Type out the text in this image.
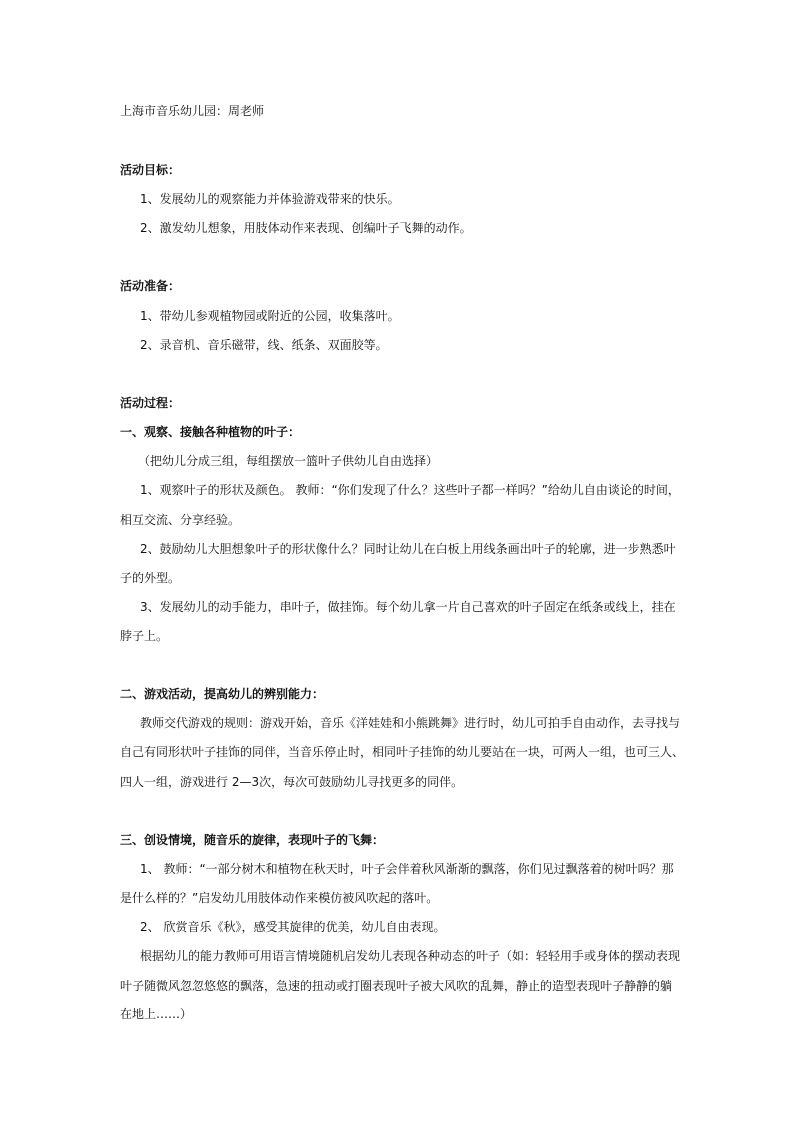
上海市音乐幼儿园：周老师
活动目标：
1、发展幼儿的观察能力并体验游戏带来的快乐。
2、激发幼儿想象，用肢体动作来表现、创编叶子飞舞的动作。
活动准备：
1、带幼儿参观植物园或附近的公园，收集落叶。
2、录音机、音乐磁带，线、纸条、双面胶等。
活动过程：
一、观察、接触各种植物的叶子：
（把幼儿分成三组，每组摆放一篮叶子供幼儿自由选择）
1、观察叶子的形状及颜色。 教师：“你们发现了什么？这些叶子都一样吗？”给幼儿自由谈论的时间，
相互交流、分享经验。
2、鼓励幼儿大胆想象叶子的形状像什么？同时让幼儿在白板上用线条画出叶子的轮廓，进一步熟悉叶
子的外型。
3、发展幼儿的动手能力，串叶子，做挂饰。每个幼儿拿一片自己喜欢的叶子固定在纸条或线上，挂在
脖子上。
二、游戏活动，提高幼儿的辨别能力：
教师交代游戏的规则：游戏开始，音乐《洋娃娃和小熊跳舞》进行时，幼儿可拍手自由动作，去寻找与
自己有同形状叶子挂饰的同伴，当音乐停止时，相同叶子挂饰的幼儿要站在一块，可两人一组，也可三人、
四人一组，游戏进行 2—3次，每次可鼓励幼儿寻找更多的同伴。
三、创设情境，随音乐的旋律，表现叶子的飞舞：
1、 教师：“一部分树木和植物在秋天时，叶子会伴着秋风渐渐的飘落，你们见过飘落着的树叶吗？那
是什么样的？”启发幼儿用肢体动作来模仿被风吹起的落叶。
2、 欣赏音乐《秋》，感受其旋律的优美，幼儿自由表现。
根据幼儿的能力教师可用语言情境随机启发幼儿表现各种动态的叶子（如：轻轻用手或身体的摆动表现
叶子随微风忽忽悠悠的飘落，急速的扭动或打圈表现叶子被大风吹的乱舞，静止的造型表现叶子静静的躺
在地上……）
